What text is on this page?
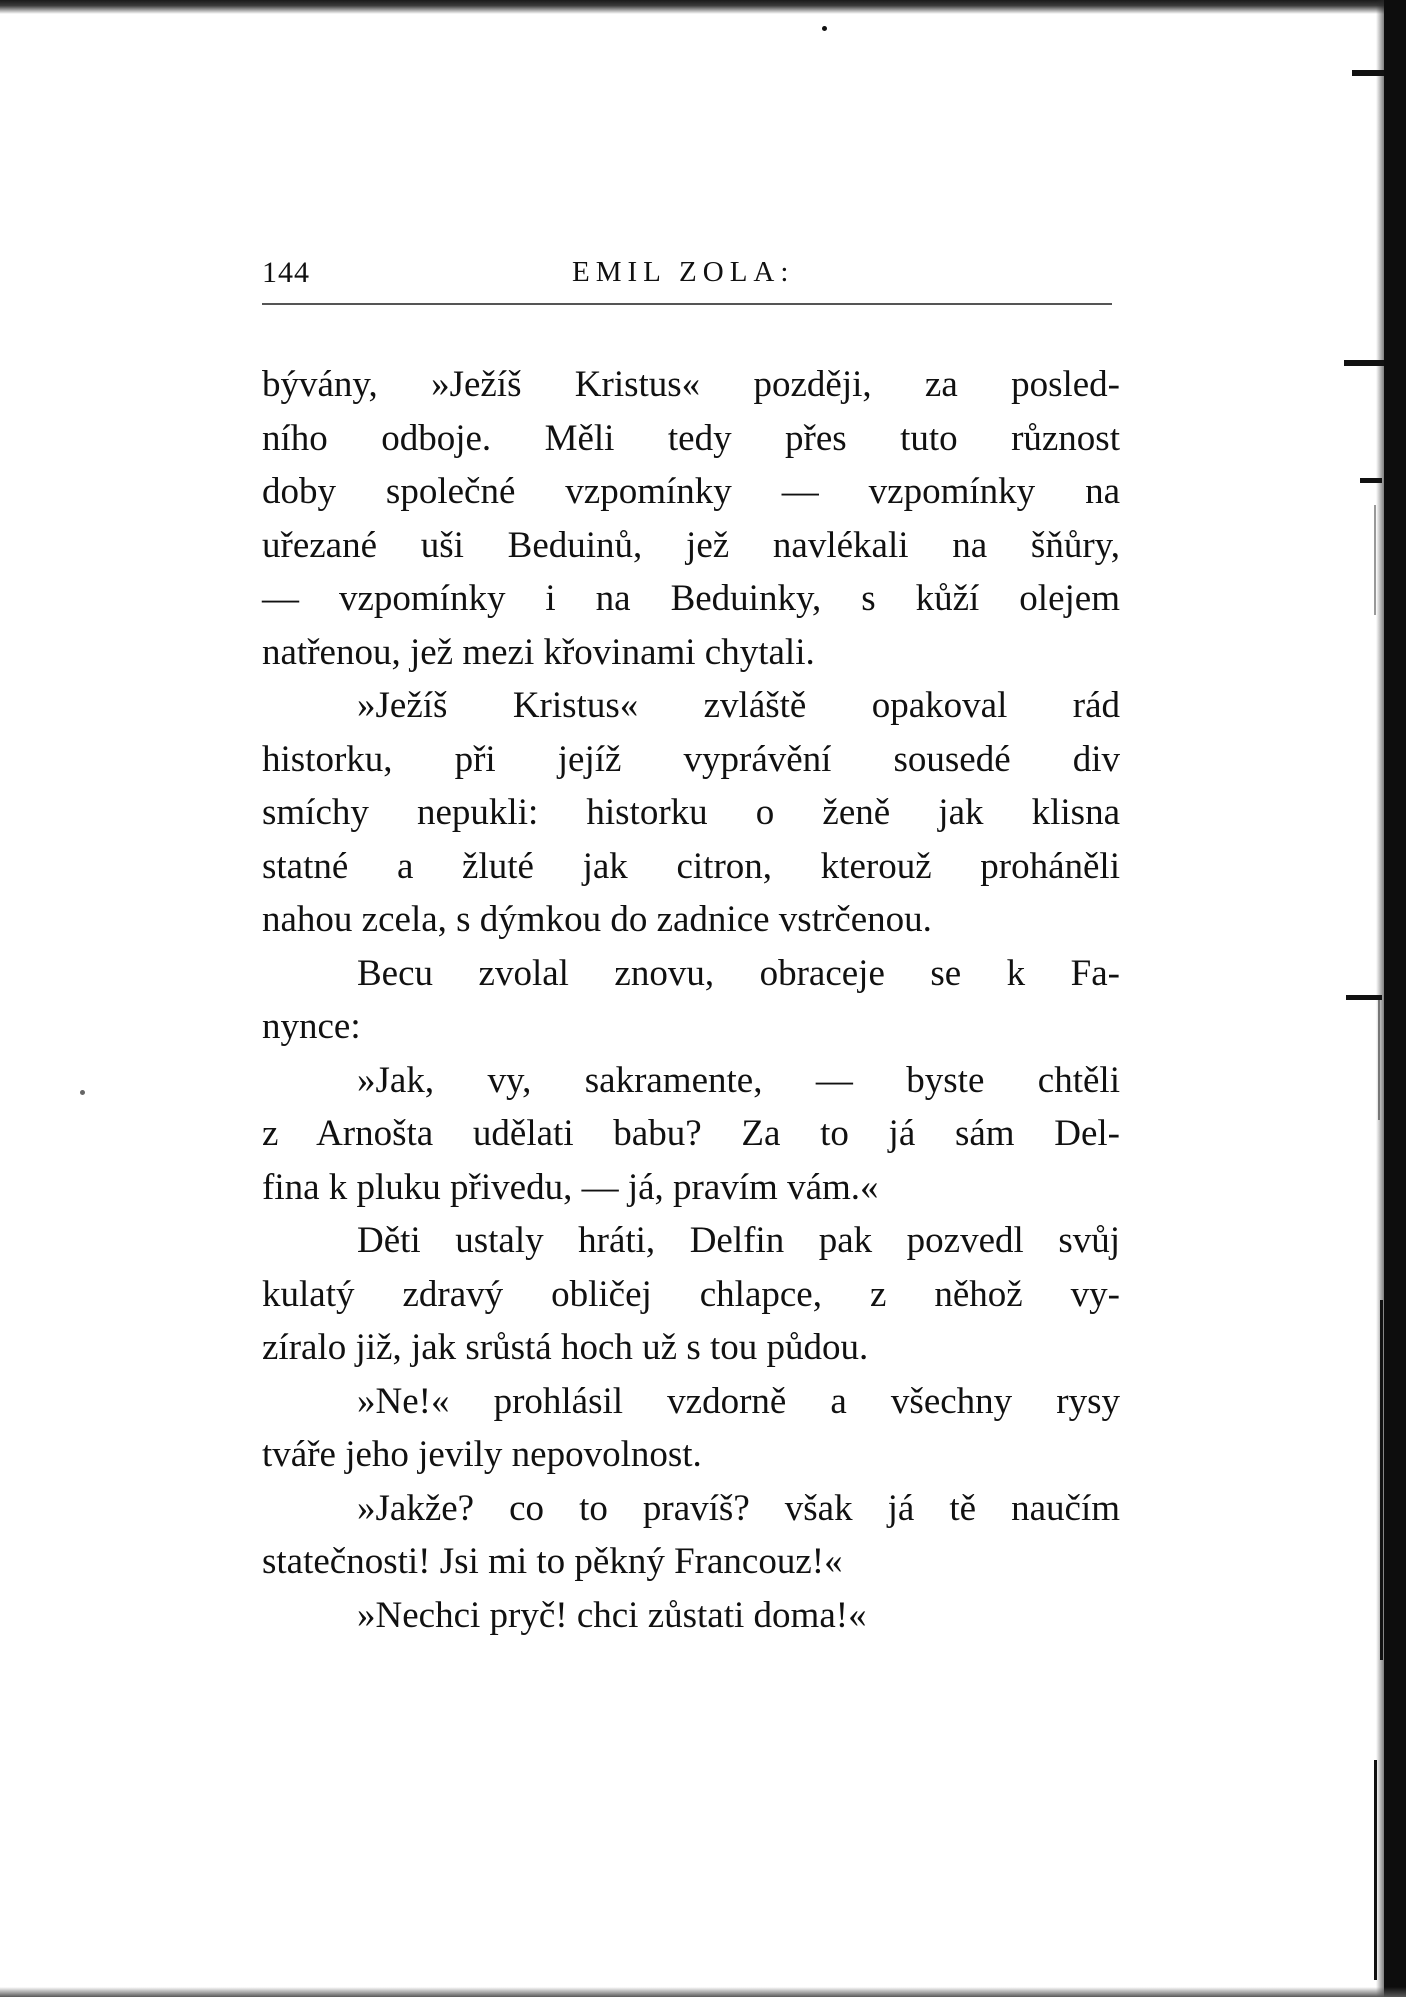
144	EMIL ZOLA:
bývány, »Ježíš Kristus« později, za posled-
ního odboje. Měli tedy přes tuto různost
doby společné vzpomínky — vzpomínky na
uřezané uši Beduinů, jež navlékali na šňůry,
— vzpomínky i na Beduinky, s kůží olejem
natřenou, jež mezi křovinami chytali.
»Ježíš Kristus« zvláště opakoval rád
historku, při jejíž vyprávění sousedé div
smíchy nepukli: historku o ženě jak klisna
statné a žluté jak citron, kterouž proháněli
nahou zcela, s dýmkou do zadnice vstrčenou.
Becu zvolal znovu, obraceje se k Fa-
nynce:
»Jak, vy, sakramente, — byste chtěli
z Arnošta udělati babu? Za to já sám Del-
fina k pluku přivedu, — já, pravím vám.«
Děti ustaly hráti, Delfin pak pozvedl svůj
kulatý zdravý obličej chlapce, z něhož vy-
zíralo již, jak srůstá hoch už s tou půdou.
»Ne!« prohlásil vzdorně a všechny rysy
tváře jeho jevily nepovolnost.
»Jakže? co to pravíš? však já tě naučím
statečnosti! Jsi mi to pěkný Francouz!«
»Nechci pryč! chci zůstati doma!«
